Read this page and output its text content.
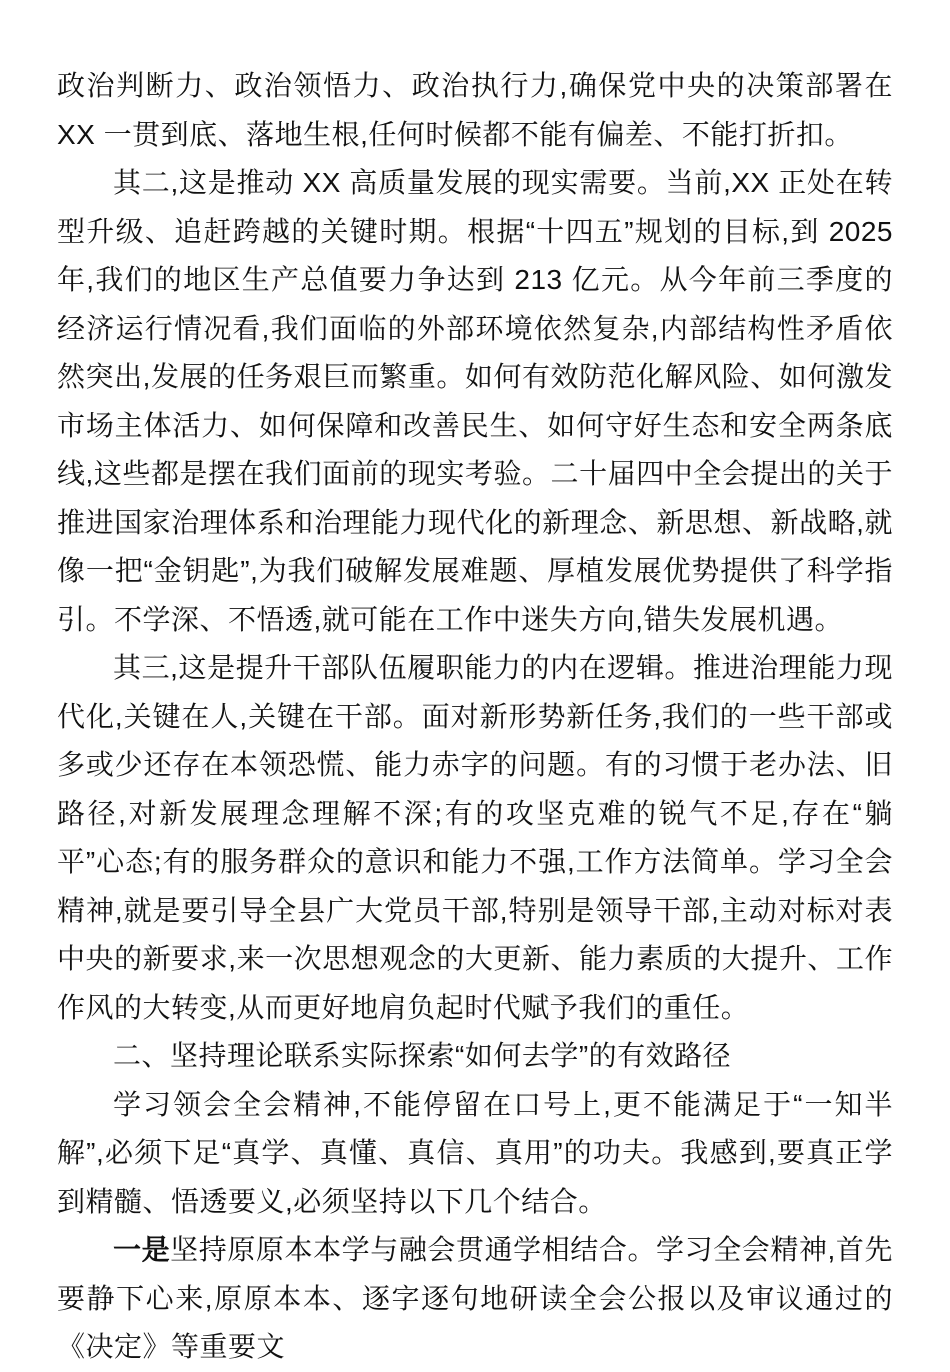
政治判断力、政治领悟力、政治执行力,确保党中央的决策部署在 XX 一贯到底、落地生根,任何时候都不能有偏差、不能打折扣。

其二,这是推动 XX 高质量发展的现实需要。当前,XX 正处在转型升级、追赶跨越的关键时期。根据“十四五”规划的目标,到 2025 年,我们的地区生产总值要力争达到 213 亿元。从今年前三季度的经济运行情况看,我们面临的外部环境依然复杂,内部结构性矛盾依然突出,发展的任务艰巨而繁重。如何有效防范化解风险、如何激发市场主体活力、如何保障和改善民生、如何守好生态和安全两条底线,这些都是摆在我们面前的现实考验。二十届四中全会提出的关于推进国家治理体系和治理能力现代化的新理念、新思想、新战略,就像一把“金钥匙”,为我们破解发展难题、厚植发展优势提供了科学指引。不学深、不悟透,就可能在工作中迷失方向,错失发展机遇。

其三,这是提升干部队伍履职能力的内在逻辑。推进治理能力现代化,关键在人,关键在干部。面对新形势新任务,我们的一些干部或多或少还存在本领恐慌、能力赤字的问题。有的习惯于老办法、旧路径,对新发展理念理解不深;有的攻坚克难的锐气不足,存在“躺平”心态;有的服务群众的意识和能力不强,工作方法简单。学习全会精神,就是要引导全县广大党员干部,特别是领导干部,主动对标对表中央的新要求,来一次思想观念的大更新、能力素质的大提升、工作作风的大转变,从而更好地肩负起时代赋予我们的重任。

二、坚持理论联系实际探索“如何去学”的有效路径

学习领会全会精神,不能停留在口号上,更不能满足于“一知半解”,必须下足“真学、真懂、真信、真用”的功夫。我感到,要真正学到精髓、悟透要义,必须坚持以下几个结合。

一是坚持原原本本学与融会贯通学相结合。学习全会精神,首先要静下心来,原原本本、逐字逐句地研读全会公报以及审议通过的《决定》等重要文
